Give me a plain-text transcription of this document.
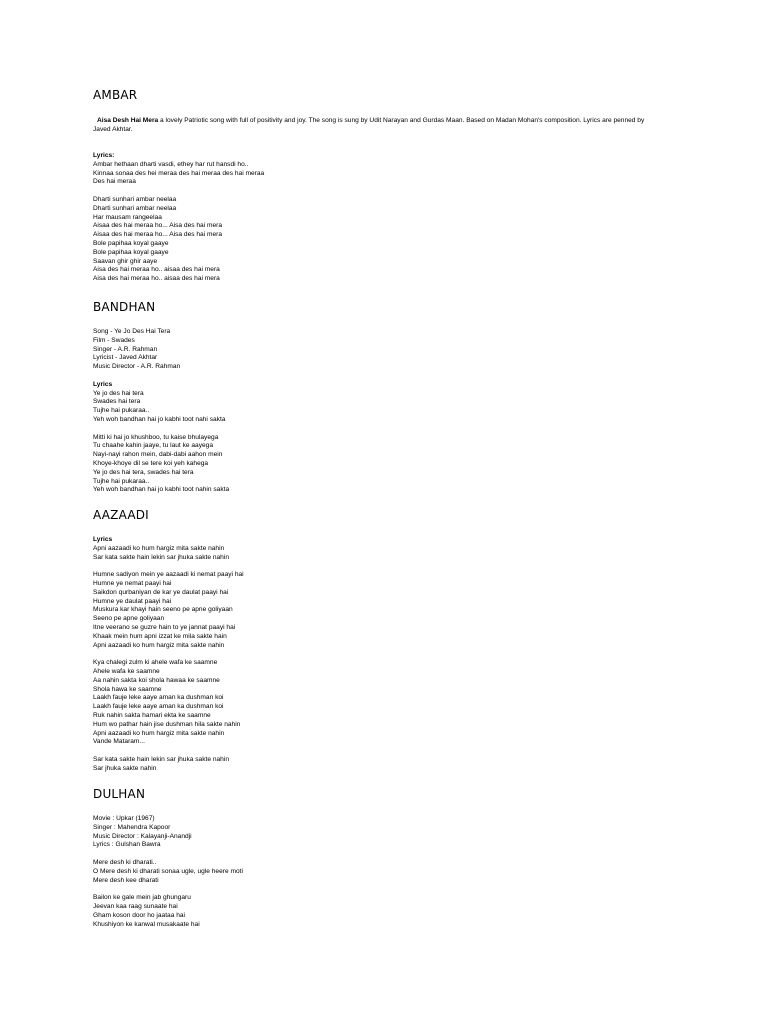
AMBAR
Aisa Desh Hai Mera a lovely Patriotic song with full of positivity and joy. The song is sung by Udit Narayan and Gurdas Maan. Based on Madan Mohan's composition. Lyrics are penned by Javed Akhtar.
Lyrics:
Ambar hethaan dharti vasdi, ethey har rut hansdi ho..
Kinnaa sonaa des hei meraa des hai meraa des hai meraa
Des hai meraa
Dharti sunhari ambar neelaa
Dharti sunhari ambar neelaa
Har mausam rangeelaa
Aisaa des hai meraa ho... Aisa des hai mera
Aisaa des hai meraa ho... Aisa des hai mera
Bole papihaa koyal gaaye
Bole papihaa koyal gaaye
Saavan ghir ghir aaye
Aisa des hai meraa ho.. aisaa des hai mera
Aisa des hai meraa ho.. aisaa des hai mera
BANDHAN
Song - Ye Jo Des Hai Tera
Film - Swades
Singer - A.R. Rahman
Lyricist - Javed Akhtar
Music Director - A.R. Rahman
Lyrics
Ye jo des hai tera
Swades hai tera
Tujhe hai pukaraa..
Yeh woh bandhan hai jo kabhi toot nahi sakta
Mitti ki hai jo khushboo, tu kaise bhulayega
Tu chaahe kahin jaaye, tu laut ke aayega
Nayi-nayi rahon mein, dabi-dabi aahon mein
Khoye-khoye dil se tere koi yeh kahega
Ye jo des hai tera, swades hai tera
Tujhe hai pukaraa..
Yeh woh bandhan hai jo kabhi toot nahin sakta
AAZAADI
Lyrics
Apni aazaadi ko hum hargiz mita sakte nahin
Sar kata sakte hain lekin sar jhuka sakte nahin
Humne sadiyon mein ye aazaadi ki nemat paayi hai
Humne ye nemat paayi hai
Saikdon qurbaniyan de kar ye daulat paayi hai
Humne ye daulat paayi hai
Muskura kar khayi hain seeno pe apne goliyaan
Seeno pe apne goliyaan
Itne veerano se guzre hain to ye jannat paayi hai
Khaak mein hum apni izzat ke mila sakte hain
Apni aazaadi ko hum hargiz mita sakte nahin
Kya chalegi zulm ki ahele wafa ke saamne
Ahele wafa ke saamne
Aa nahin sakta koi shola hawaa ke saamne
Shola hawa ke saamne
Laakh fauje leke aaye aman ka dushman koi
Laakh fauje leke aaye aman ka dushman koi
Ruk nahin sakta hamari ekta ke saamne
Hum wo pathar hain jise dushman hila sakte nahin
Apni aazaadi ko hum hargiz mita sakte nahin
Vande Mataram...
Sar kata sakte hain lekin sar jhuka sakte nahin
Sar jhuka sakte nahin
DULHAN
Movie : Upkar (1967)
Singer : Mahendra Kapoor
Music Director : Kalayanji-Anandji
Lyrics : Gulshan Bawra
Mere desh ki dharati..
O Mere desh ki dharati sonaa ugle, ugle heere moti
Mere desh kee dharati
Bailon ke gale mein jab ghungaru
Jeevan kaa raag sunaate hai
Gham koson door ho jaataa hai
Khushiyon ke kanwal musakaate hai
